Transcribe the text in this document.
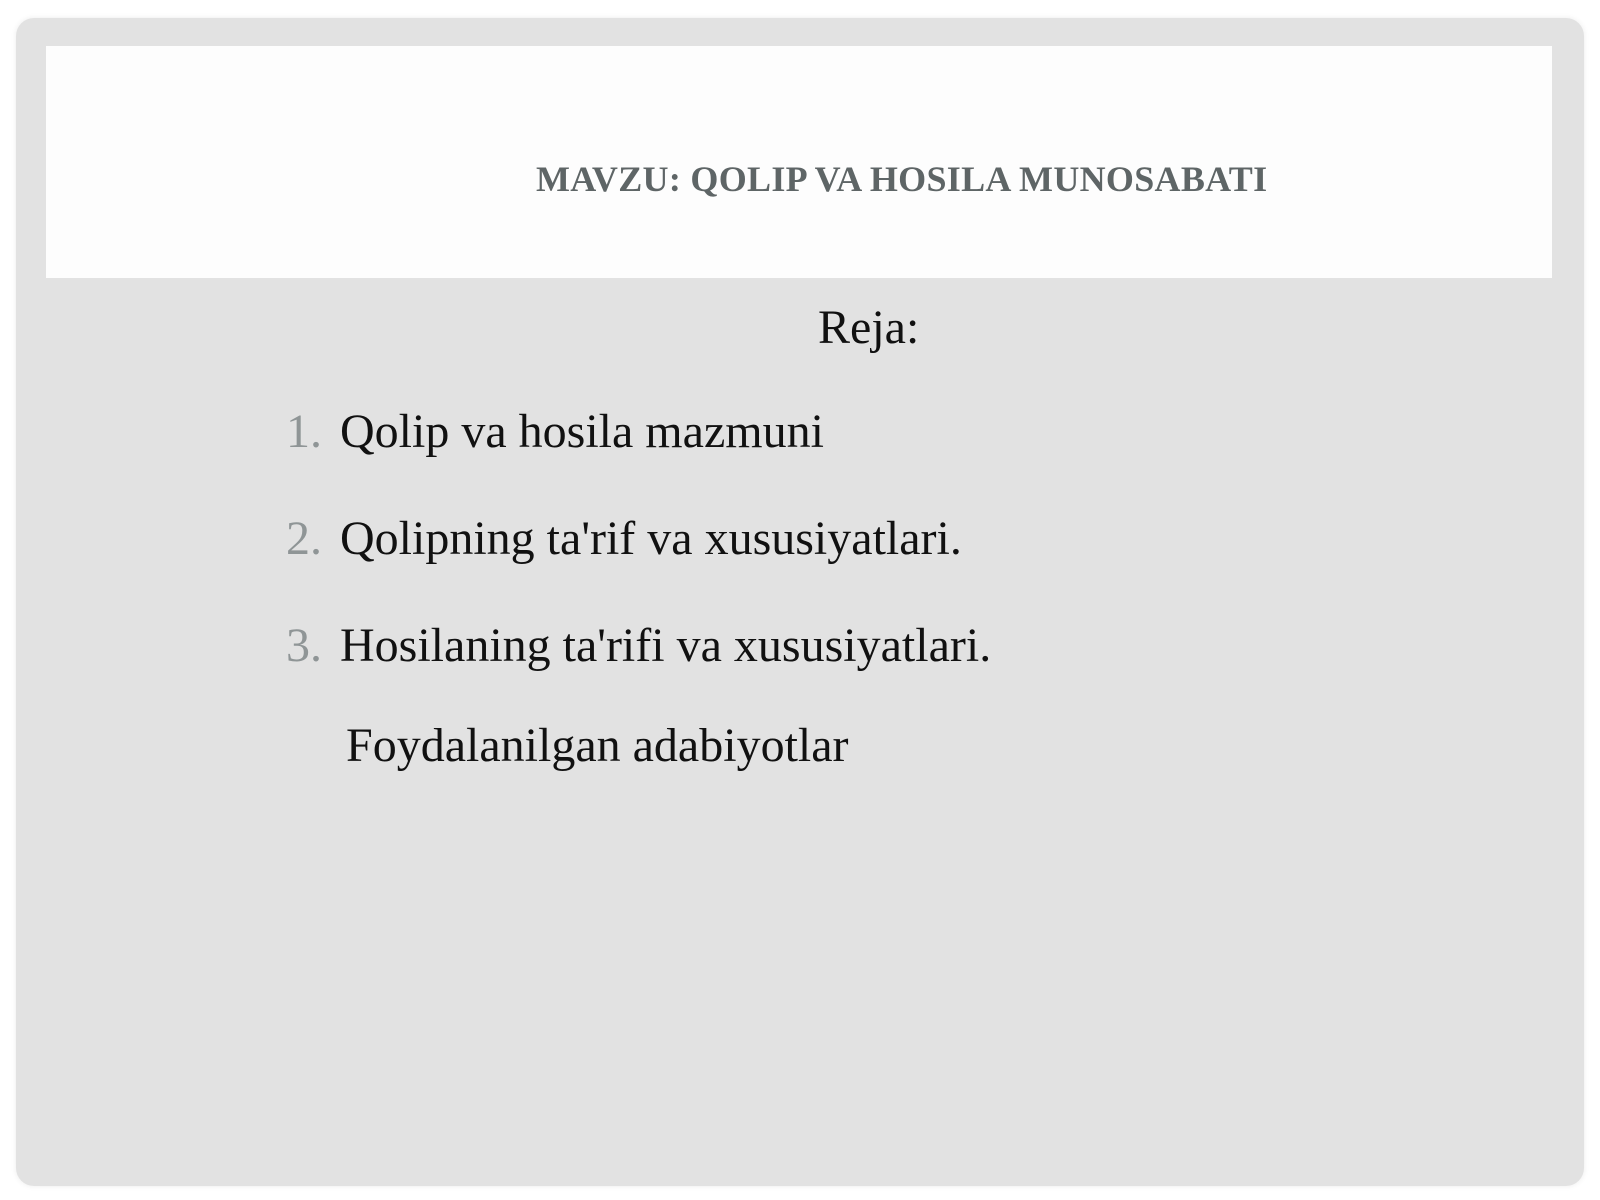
MAVZU: QOLIP VA HOSILA MUNOSABATI
Reja:
1. Qolip va hosila mazmuni
2. Qolipning ta'rif va xususiyatlari.
3. Hosilaning ta'rifi va xususiyatlari.

Foydalanilgan adabiyotlar
